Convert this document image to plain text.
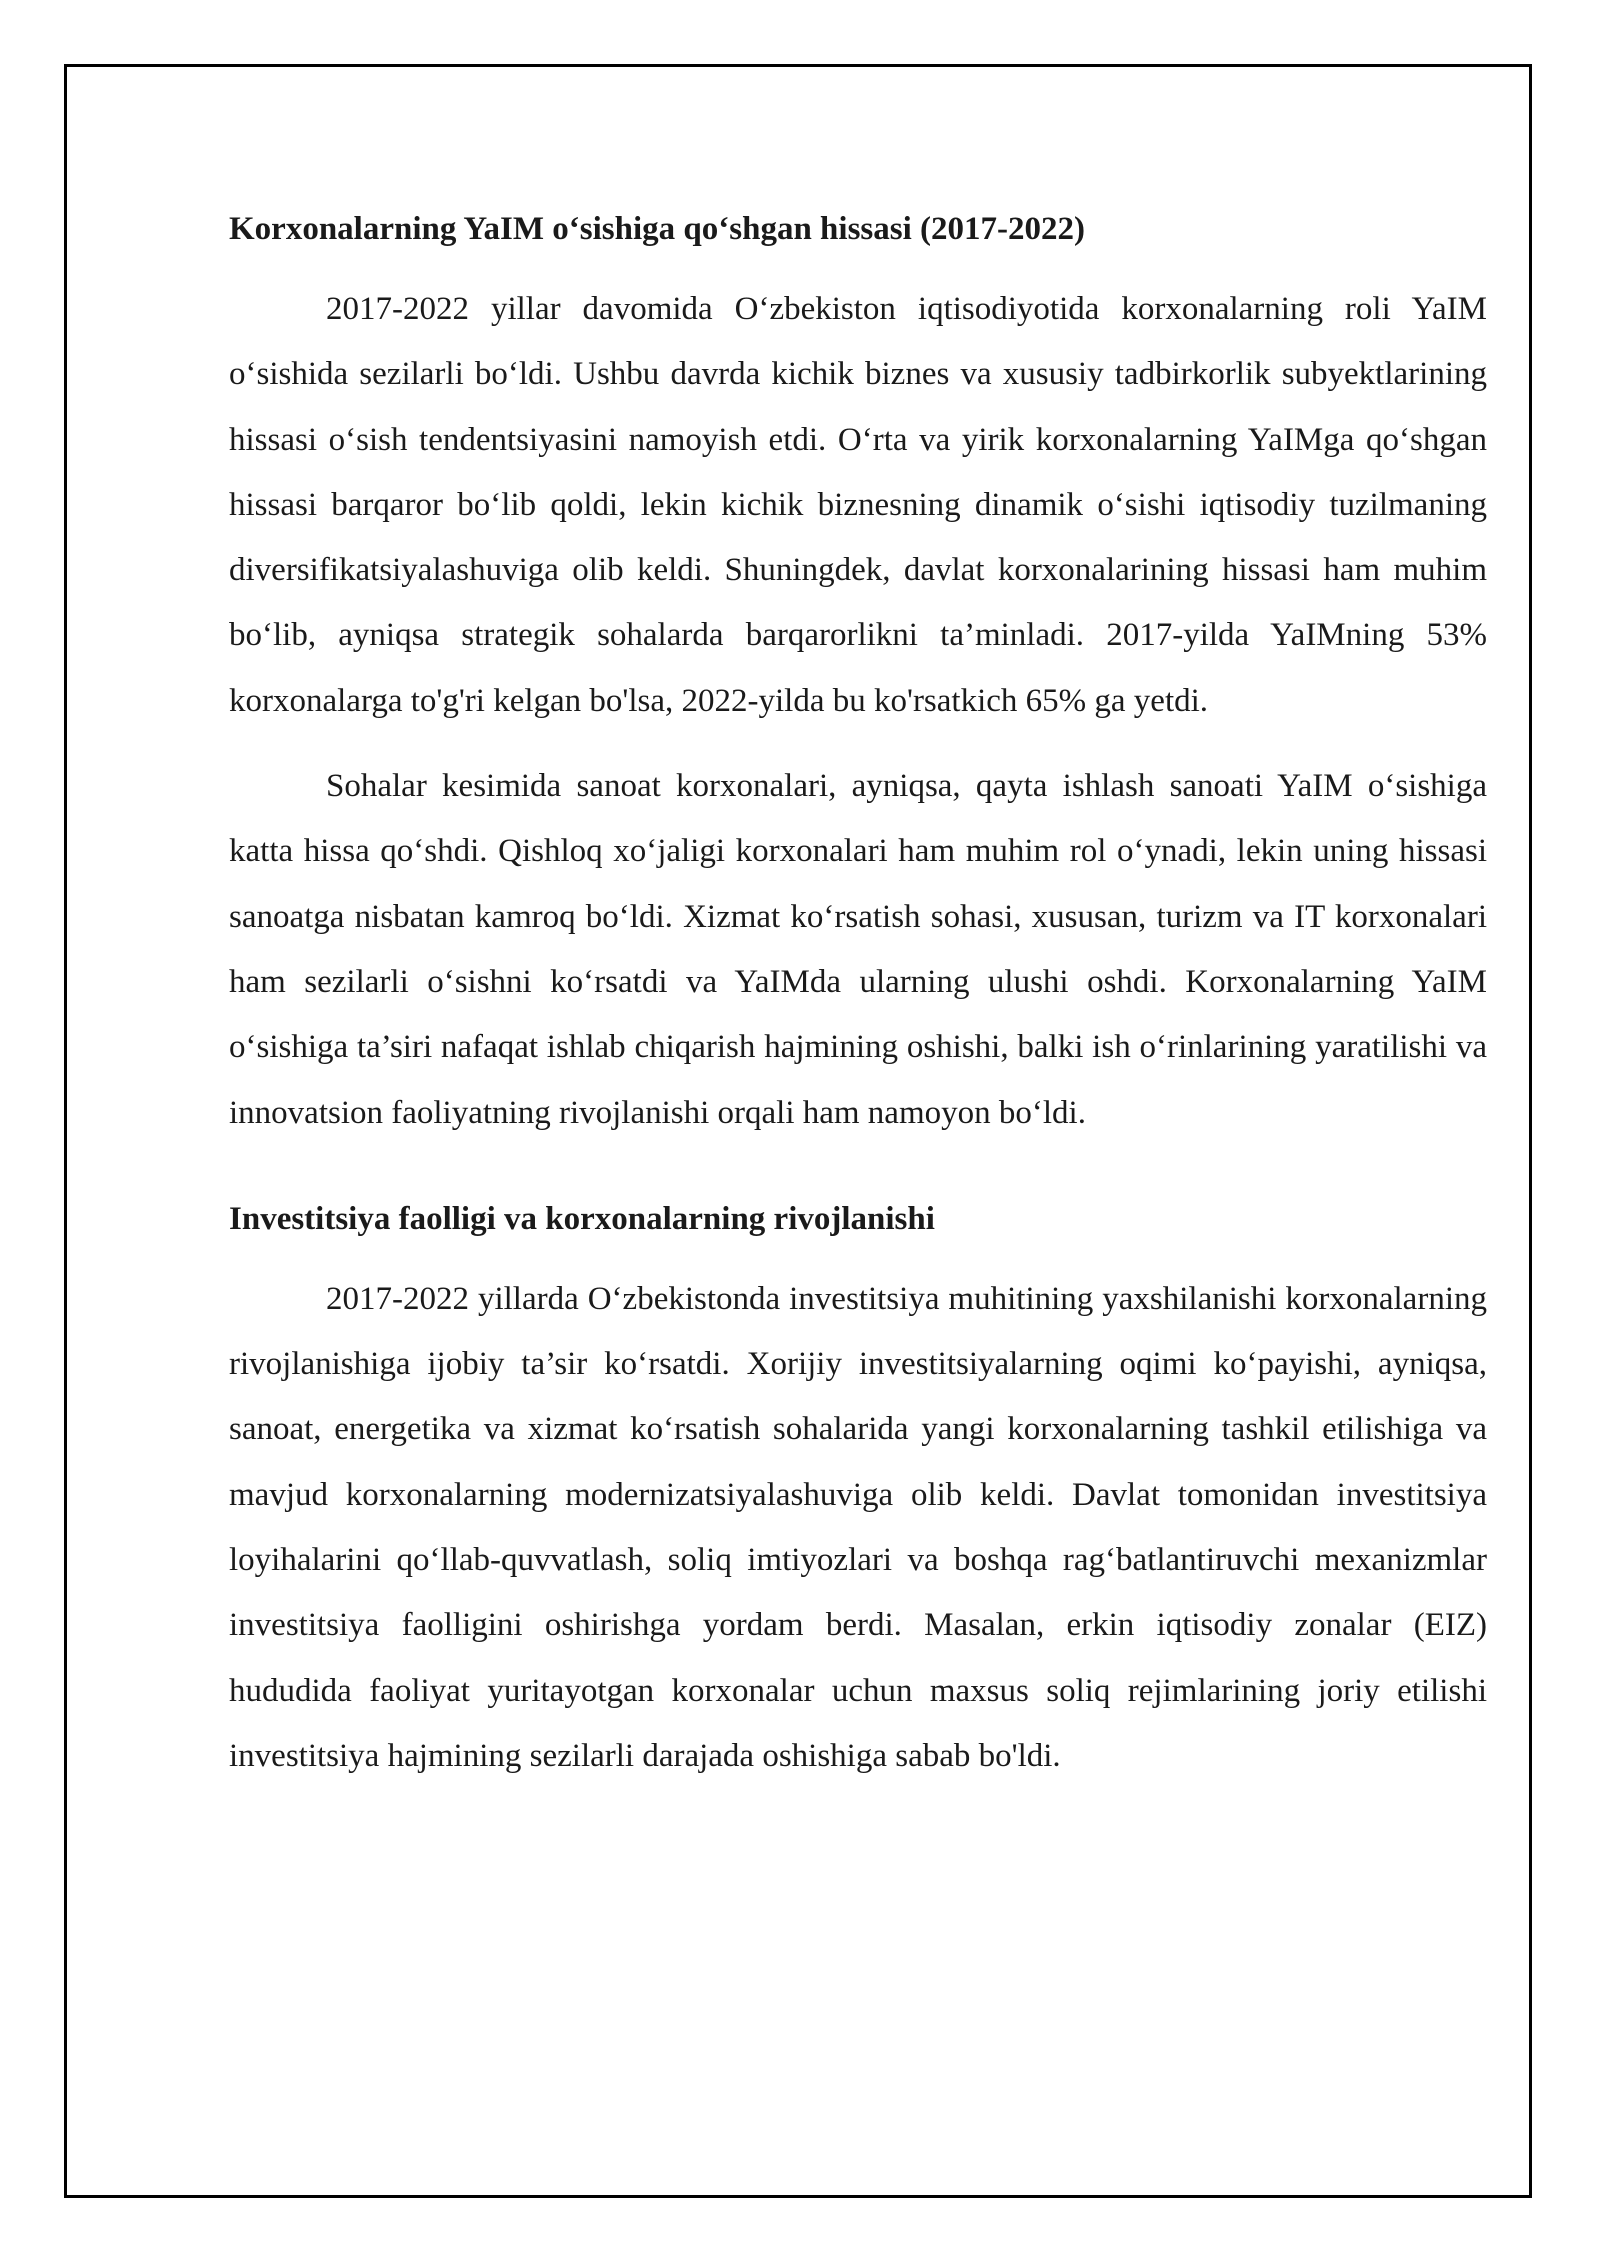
Korxonalarning YaIM o‘sishiga qo‘shgan hissasi (2017-2022)

2017-2022 yillar davomida O‘zbekiston iqtisodiyotida korxonalarning roli YaIM o‘sishida sezilarli bo‘ldi. Ushbu davrda kichik biznes va xususiy tadbirkorlik subyektlarining hissasi o‘sish tendentsiyasini namoyish etdi. O‘rta va yirik korxonalarning YaIMga qo‘shgan hissasi barqaror bo‘lib qoldi, lekin kichik biznesning dinamik o‘sishi iqtisodiy tuzilmaning diversifikatsiyalashuviga olib keldi. Shuningdek, davlat korxonalarining hissasi ham muhim bo‘lib, ayniqsa strategik sohalarda barqarorlikni ta’minladi. 2017-yilda YaIMning 53% korxonalarga to'g'ri kelgan bo'lsa, 2022-yilda bu ko'rsatkich 65% ga yetdi.

Sohalar kesimida sanoat korxonalari, ayniqsa, qayta ishlash sanoati YaIM o‘sishiga katta hissa qo‘shdi. Qishloq xo‘jaligi korxonalari ham muhim rol o‘ynadi, lekin uning hissasi sanoatga nisbatan kamroq bo‘ldi. Xizmat ko‘rsatish sohasi, xususan, turizm va IT korxonalari ham sezilarli o‘sishni ko‘rsatdi va YaIMda ularning ulushi oshdi. Korxonalarning YaIM o‘sishiga ta’siri nafaqat ishlab chiqarish hajmining oshishi, balki ish o‘rinlarining yaratilishi va innovatsion faoliyatning rivojlanishi orqali ham namoyon bo‘ldi.

Investitsiya faolligi va korxonalarning rivojlanishi

2017-2022 yillarda O‘zbekistonda investitsiya muhitining yaxshilanishi korxonalarning rivojlanishiga ijobiy ta’sir ko‘rsatdi. Xorijiy investitsiyalarning oqimi ko‘payishi, ayniqsa, sanoat, energetika va xizmat ko‘rsatish sohalarida yangi korxonalarning tashkil etilishiga va mavjud korxonalarning modernizatsiyalashuviga olib keldi. Davlat tomonidan investitsiya loyihalarini qo‘llab-quvvatlash, soliq imtiyozlari va boshqa rag‘batlantiruvchi mexanizmlar investitsiya faolligini oshirishga yordam berdi. Masalan, erkin iqtisodiy zonalar (EIZ) hududida faoliyat yuritayotgan korxonalar uchun maxsus soliq rejimlarining joriy etilishi investitsiya hajmining sezilarli darajada oshishiga sabab bo'ldi.
